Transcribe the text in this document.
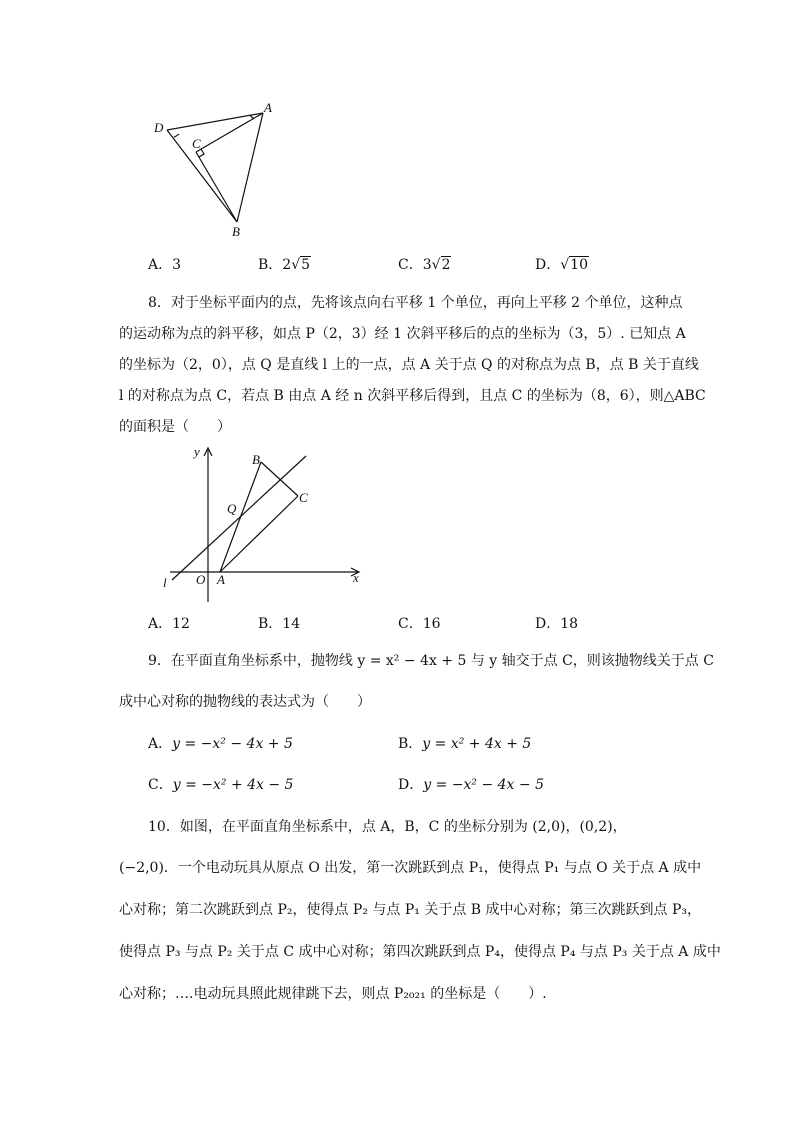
D
A
C
B
A．3	B．2√5	C．3√2	D．√10
8．对于坐标平面内的点，先将该点向右平移 1 个单位，再向上平移 2 个单位，这种点
的运动称为点的斜平移，如点 P（2，3）经 1 次斜平移后的点的坐标为（3，5）. 已知点 A
的坐标为（2，0），点 Q 是直线 l 上的一点，点 A 关于点 Q 的对称点为点 B，点 B 关于直线
l 的对称点为点 C，若点 B 由点 A 经 n 次斜平移后得到，且点 C 的坐标为（8，6），则△ABC
的面积是（　　）
y
x
O A
B
C
Q
l
A．12	B．14	C．16	D．18
9．在平面直角坐标系中，抛物线 y = x² − 4x + 5 与 y 轴交于点 C，则该抛物线关于点 C
成中心对称的抛物线的表达式为（　　）
A．y = −x² − 4x + 5	B．y = x² + 4x + 5
C．y = −x² + 4x − 5	D．y = −x² − 4x − 5
10．如图，在平面直角坐标系中，点 A，B，C 的坐标分别为 (2,0)，(0,2)，
(−2,0)．一个电动玩具从原点 O 出发，第一次跳跃到点 P₁，使得点 P₁ 与点 O 关于点 A 成中
心对称；第二次跳跃到点 P₂，使得点 P₂ 与点 P₁ 关于点 B 成中心对称；第三次跳跃到点 P₃，
使得点 P₃ 与点 P₂ 关于点 C 成中心对称；第四次跳跃到点 P₄，使得点 P₄ 与点 P₃ 关于点 A 成中
心对称；….电动玩具照此规律跳下去，则点 P₂₀₂₁ 的坐标是（　　）.
